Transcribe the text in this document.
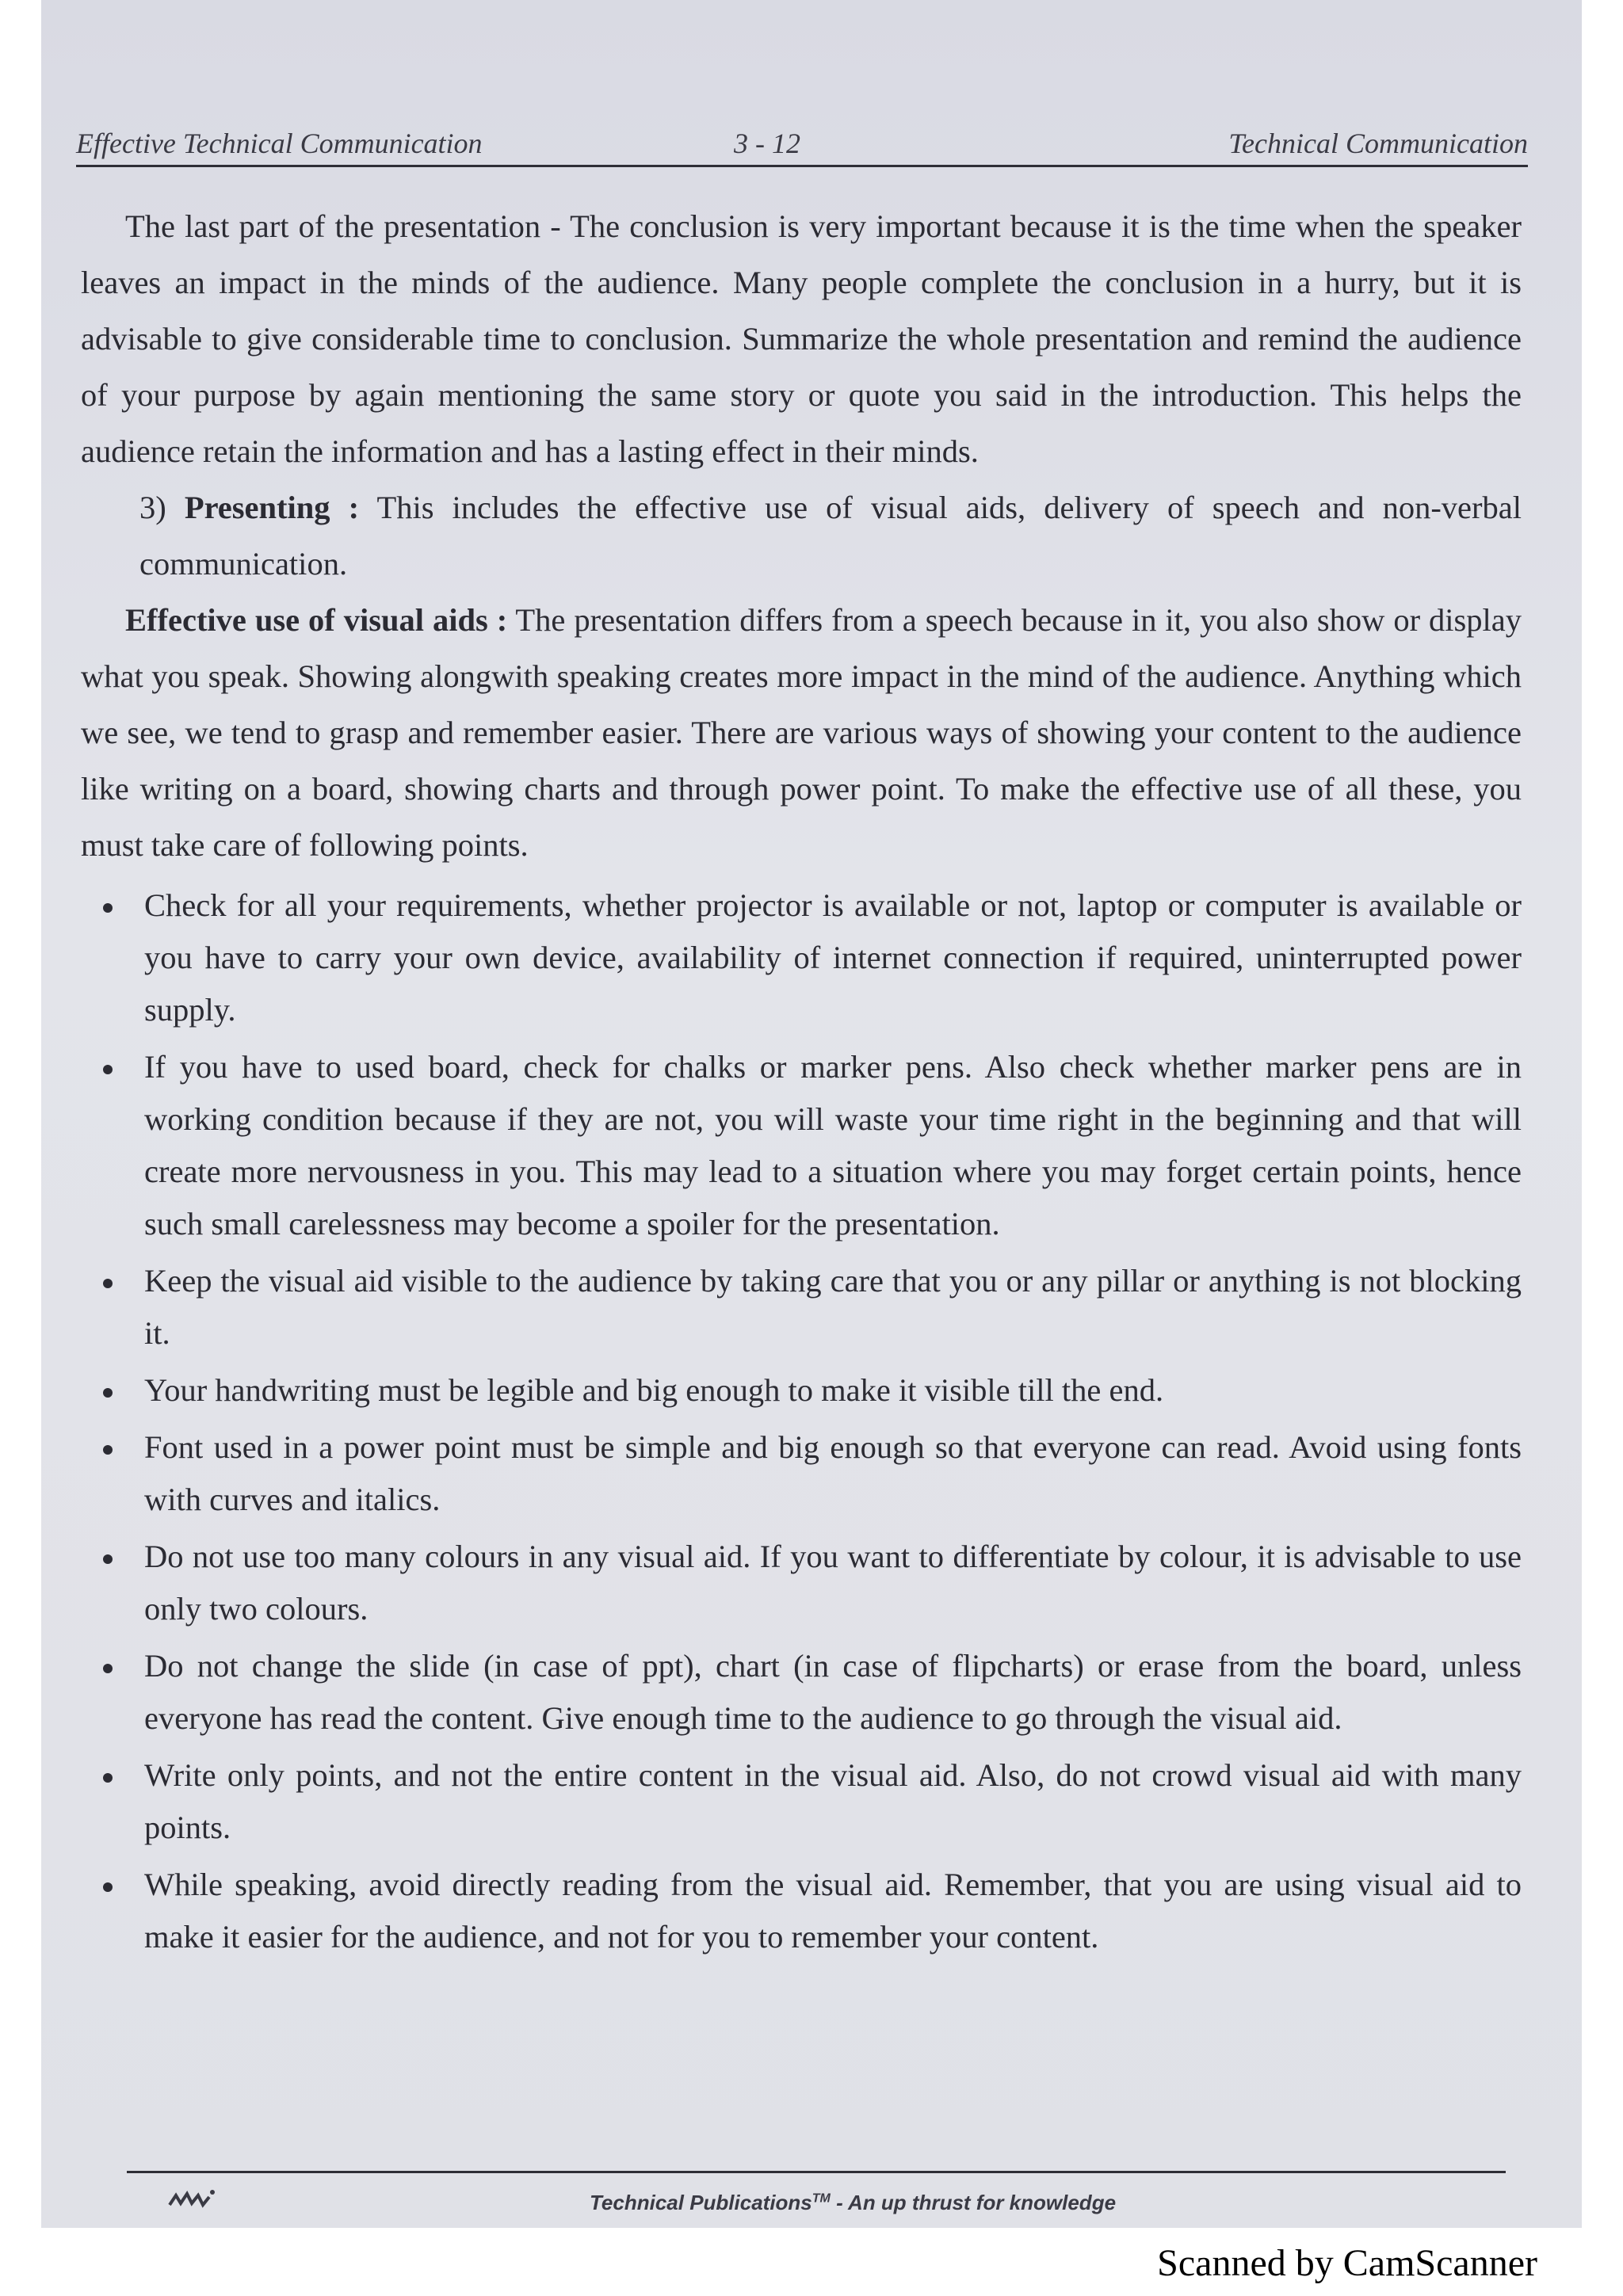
Effective Technical Communication	3 - 12	Technical Communication

The last part of the presentation - The conclusion is very important because it is the time when the speaker leaves an impact in the minds of the audience. Many people complete the conclusion in a hurry, but it is advisable to give considerable time to conclusion. Summarize the whole presentation and remind the audience of your purpose by again mentioning the same story or quote you said in the introduction. This helps the audience retain the information and has a lasting effect in their minds.

3) Presenting : This includes the effective use of visual aids, delivery of speech and non-verbal communication.

Effective use of visual aids : The presentation differs from a speech because in it, you also show or display what you speak. Showing alongwith speaking creates more impact in the mind of the audience. Anything which we see, we tend to grasp and remember easier. There are various ways of showing your content to the audience like writing on a board, showing charts and through power point. To make the effective use of all these, you must take care of following points.

Check for all your requirements, whether projector is available or not, laptop or computer is available or you have to carry your own device, availability of internet connection if required, uninterrupted power supply.
If you have to used board, check for chalks or marker pens. Also check whether marker pens are in working condition because if they are not, you will waste your time right in the beginning and that will create more nervousness in you. This may lead to a situation where you may forget certain points, hence such small carelessness may become a spoiler for the presentation.
Keep the visual aid visible to the audience by taking care that you or any pillar or anything is not blocking it.
Your handwriting must be legible and big enough to make it visible till the end.
Font used in a power point must be simple and big enough so that everyone can read. Avoid using fonts with curves and italics.
Do not use too many colours in any visual aid. If you want to differentiate by colour, it is advisable to use only two colours.
Do not change the slide (in case of ppt), chart (in case of flipcharts) or erase from the board, unless everyone has read the content. Give enough time to the audience to go through the visual aid.
Write only points, and not the entire content in the visual aid. Also, do not crowd visual aid with many points.
While speaking, avoid directly reading from the visual aid. Remember, that you are using visual aid to make it easier for the audience, and not for you to remember your content.
Technical Publications™ - An up thrust for knowledge
Scanned by CamScanner
